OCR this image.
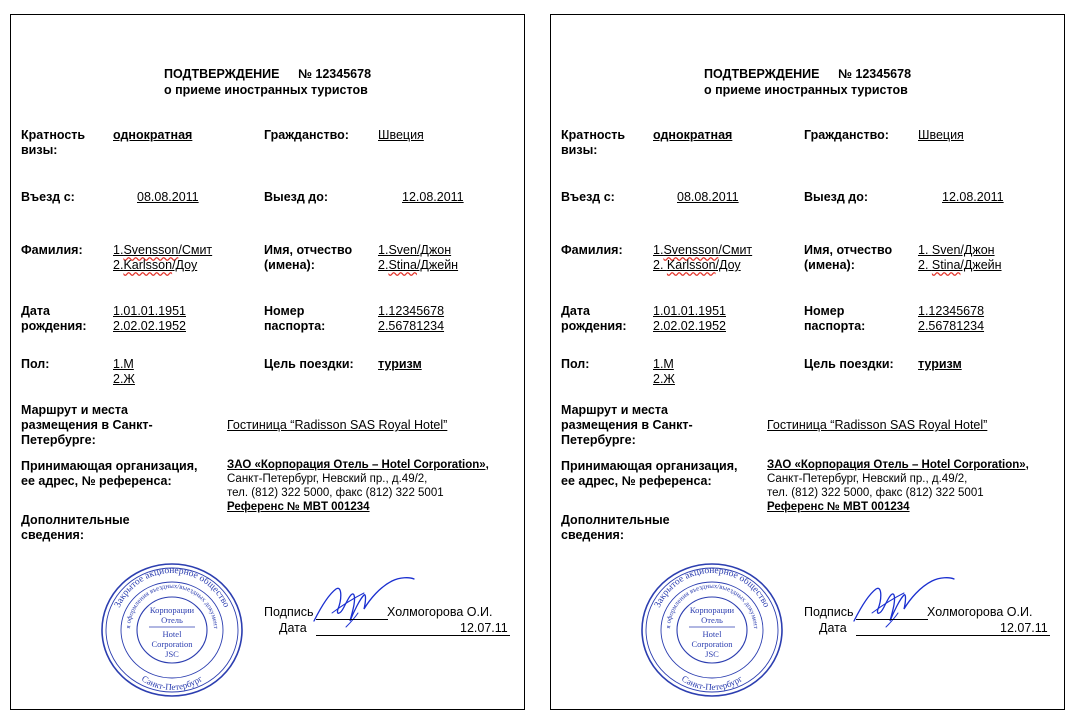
ПОДТВЕРЖДЕНИЕ № 12345678
о приеме иностранных туристов
Кратность
визы:
однократная	Гражданство: Швеция
Въезд с:	08.08.2011	Выезд до:	12.08.2011
Фамилия: 1.Svensson/Смит
2.Karlsson/Доу
Имя, отчество
(имена):
1.Sven/Джон
2.Stina/Джейн
Дата
рождения:
1.01.01.1951
2.02.02.1952
Номер
паспорта:
1.12345678
2.56781234
Пол:	1.М
2.Ж
Цель поездки: туризм
Маршрут и места
размещения в Санкт-
Петербурге:
Гостиница “Radisson SAS Royal Hotel”
Принимающая организация,
ее адрес, № референса:
ЗАО «Корпорация Отель – Hotel Corporation»,
Санкт-Петербург, Невский пр., д.49/2,
тел. (812) 322 5000, факс (812) 322 5001
Референс № MBT 001234
Дополнительные
сведения:
Закрытое акционерное общество
я оформления въездных/выездных документ
Санкт-Петербург
Корпорации
Отель
Hotel
Corporation
JSC
Подпись	Холмогорова О.И.
Дата	12.07.11
ПОДТВЕРЖДЕНИЕ № 12345678
о приеме иностранных туристов
Кратность
визы:
однократная	Гражданство: Швеция
Въезд с:	08.08.2011	Выезд до:	12.08.2011
Фамилия: 1.Svensson/Смит
2. Karlsson/Доу
Имя, отчество
(имена):
1. Sven/Джон
2. Stina/Джейн
Дата
рождения:
1.01.01.1951
2.02.02.1952
Номер
паспорта:
1.12345678
2.56781234
Пол:	1.М
2.Ж
Цель поездки: туризм
Маршрут и места
размещения в Санкт-
Петербурге:
Гостиница “Radisson SAS Royal Hotel”
Принимающая организация,
ее адрес, № референса:
ЗАО «Корпорация Отель – Hotel Corporation»,
Санкт-Петербург, Невский пр., д.49/2,
тел. (812) 322 5000, факс (812) 322 5001
Референс № MBT 001234
Дополнительные
сведения:
Закрытое акционерное общество
я оформления въездных/выездных документ
Санкт-Петербург
Корпорации
Отель
Hotel
Corporation
JSC
Подпись	Холмогорова О.И.
Дата	12.07.11
